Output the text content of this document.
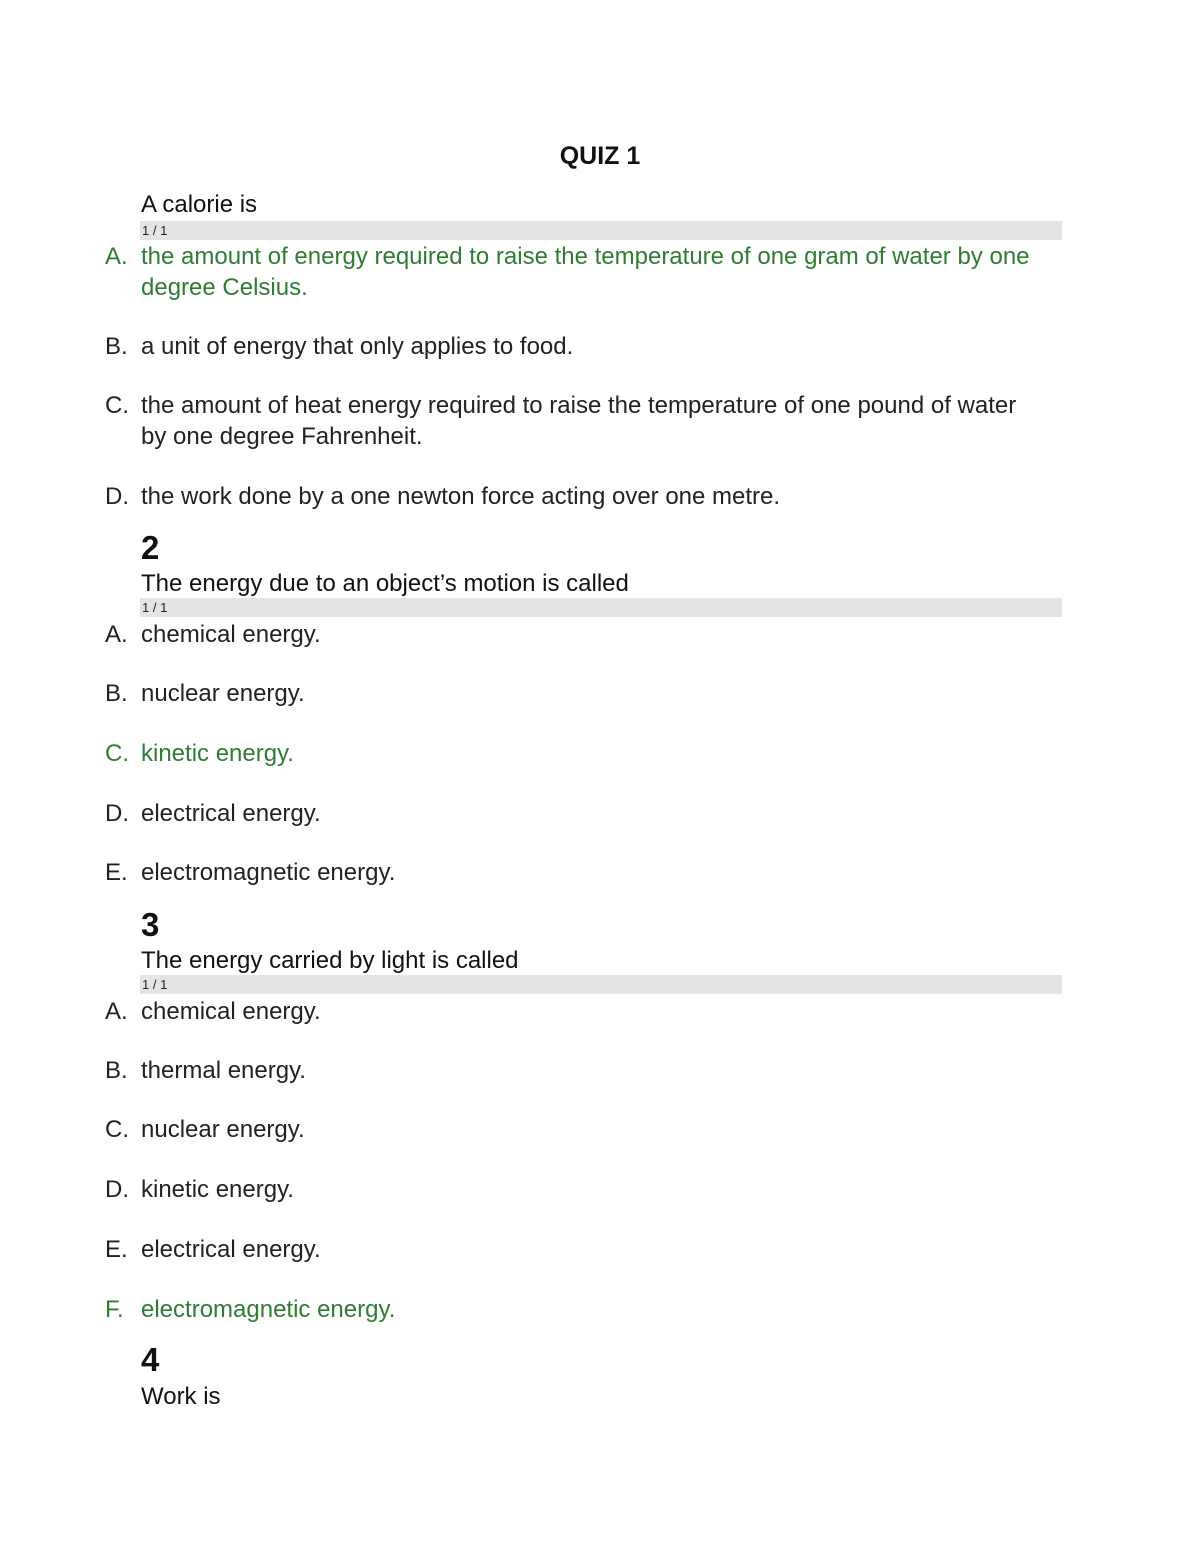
QUIZ 1
A calorie is
1 / 1
A. the amount of energy required to raise the temperature of one gram of water by one degree Celsius.
B. a unit of energy that only applies to food.
C. the amount of heat energy required to raise the temperature of one pound of water by one degree Fahrenheit.
D. the work done by a one newton force acting over one metre.
2
The energy due to an object’s motion is called
1 / 1
A. chemical energy.
B. nuclear energy.
C. kinetic energy.
D. electrical energy.
E. electromagnetic energy.
3
The energy carried by light is called
1 / 1
A. chemical energy.
B. thermal energy.
C. nuclear energy.
D. kinetic energy.
E. electrical energy.
F. electromagnetic energy.
4
Work is
